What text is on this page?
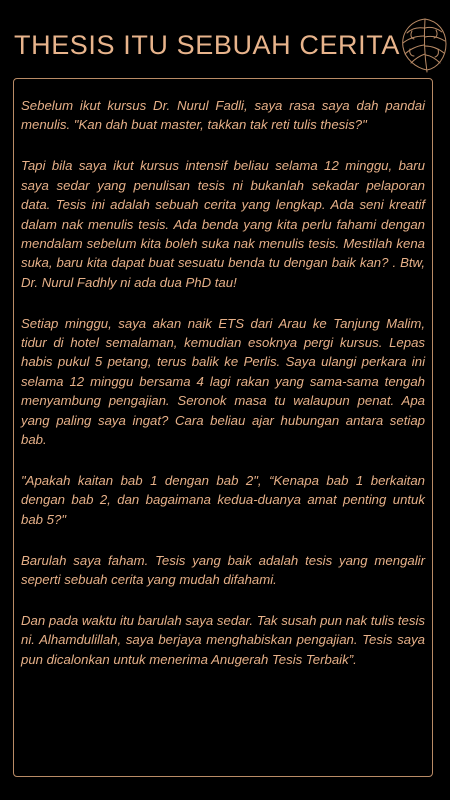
THESIS ITU SEBUAH CERITA

Sebelum ikut kursus Dr. Nurul Fadli, saya rasa saya dah pandai menulis. "Kan dah buat master, takkan tak reti tulis thesis?"

Tapi bila saya ikut kursus intensif beliau selama 12 minggu, baru saya sedar yang penulisan tesis ni bukanlah sekadar pelaporan data. Tesis ini adalah sebuah cerita yang lengkap. Ada seni kreatif dalam nak menulis tesis. Ada benda yang kita perlu fahami dengan mendalam sebelum kita boleh suka nak menulis tesis. Mestilah kena suka, baru kita dapat buat sesuatu benda tu dengan baik kan? . Btw, Dr. Nurul Fadhly ni ada dua PhD tau!

Setiap minggu, saya akan naik ETS dari Arau ke Tanjung Malim, tidur di hotel semalaman, kemudian esoknya pergi kursus. Lepas habis pukul 5 petang, terus balik ke Perlis. Saya ulangi perkara ini selama 12 minggu bersama 4 lagi rakan yang sama-sama tengah menyambung pengajian. Seronok masa tu walaupun penat. Apa yang paling saya ingat? Cara beliau ajar hubungan antara setiap bab.

"Apakah kaitan bab 1 dengan bab 2", “Kenapa bab 1 berkaitan dengan bab 2, dan bagaimana kedua-duanya amat penting untuk bab 5?"

Barulah saya faham. Tesis yang baik adalah tesis yang mengalir seperti sebuah cerita yang mudah difahami.

Dan pada waktu itu barulah saya sedar. Tak susah pun nak tulis tesis ni. Alhamdulillah, saya berjaya menghabiskan pengajian. Tesis saya pun dicalonkan untuk menerima Anugerah Tesis Terbaik”.
